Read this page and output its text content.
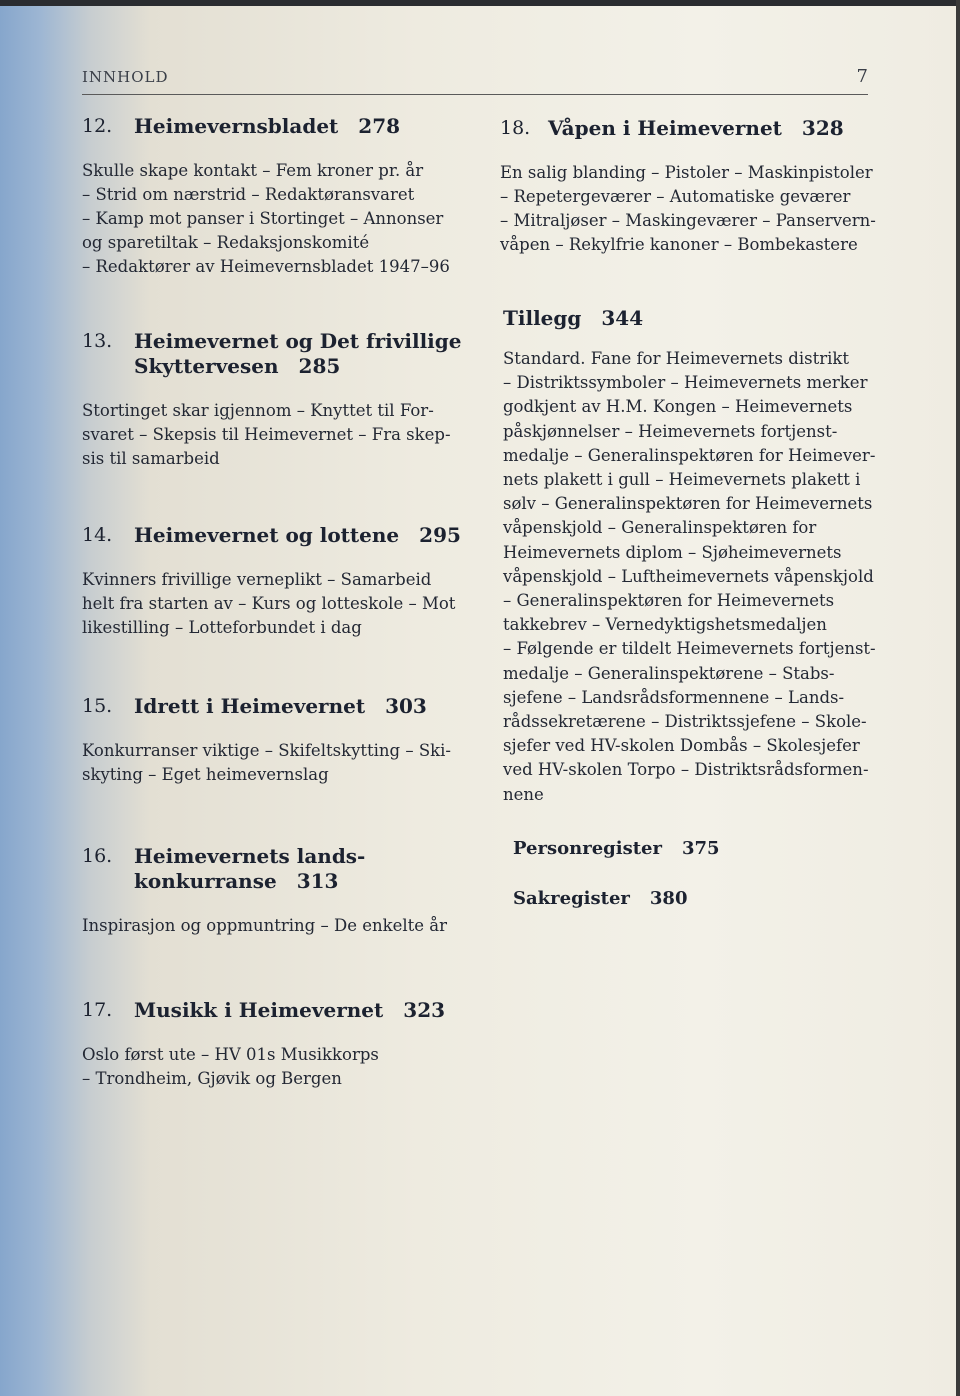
INNHOLD	7
12. Heimevernsbladet 278
Skulle skape kontakt – Fem kroner pr. år
– Strid om nærstrid – Redaktøransvaret
– Kamp mot panser i Stortinget – Annonser
og sparetiltak – Redaksjonskomité
– Redaktører av Heimevernsbladet 1947–96
13. Heimevernet og Det frivillige
Skyttervesen 285
Stortinget skar igjennom – Knyttet til For-
svaret – Skepsis til Heimevernet – Fra skep-
sis til samarbeid
14. Heimevernet og lottene 295
Kvinners frivillige verneplikt – Samarbeid
helt fra starten av – Kurs og lotteskole – Mot
likestilling – Lotteforbundet i dag
15. Idrett i Heimevernet 303
Konkurranser viktige – Skifeltskytting – Ski-
skyting – Eget heimevernslag
16. Heimevernets lands-
konkurranse 313
Inspirasjon og oppmuntring – De enkelte år
17. Musikk i Heimevernet 323
Oslo først ute – HV 01s Musikkorps
– Trondheim, Gjøvik og Bergen
18. Våpen i Heimevernet 328
En salig blanding – Pistoler – Maskinpistoler
– Repetergeværer – Automatiske geværer
– Mitraljøser – Maskingeværer – Panservern-
våpen – Rekylfrie kanoner – Bombekastere
Tillegg 344
Standard. Fane for Heimevernets distrikt
– Distriktssymboler – Heimevernets merker
godkjent av H.M. Kongen – Heimevernets
påskjønnelser – Heimevernets fortjenst-
medalje – Generalinspektøren for Heimever-
nets plakett i gull – Heimevernets plakett i
sølv – Generalinspektøren for Heimevernets
våpenskjold – Generalinspektøren for
Heimevernets diplom – Sjøheimevernets
våpenskjold – Luftheimevernets våpenskjold
– Generalinspektøren for Heimevernets
takkebrev – Vernedyktigshetsmedaljen
– Følgende er tildelt Heimevernets fortjenst-
medalje – Generalinspektørene – Stabs-
sjefene – Landsrådsformennene – Lands-
rådssekretærene – Distriktssjefene – Skole-
sjefer ved HV-skolen Dombås – Skolesjefer
ved HV-skolen Torpo – Distriktsrådsformen-
nene
Personregister 375
Sakregister 380
